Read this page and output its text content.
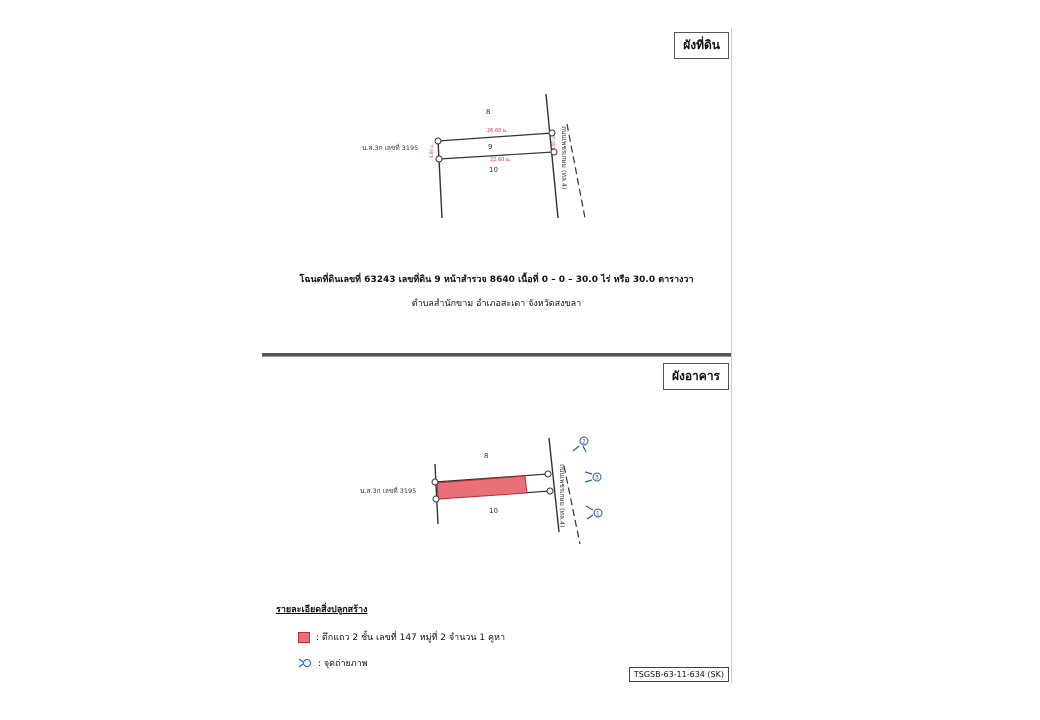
ผังที่ดิน
8
9
10
น.ส.3ก เลขที่ 3195
26.60 ม.
22.60 ม.
4.60 ม.
4.60 ม. ถนนเพชรเกษม (ทล.4)
โฉนดที่ดินเลขที่ 63243 เลขที่ดิน 9 หน้าสำรวจ 8640 เนื้อที่ 0 – 0 – 30.0 ไร่ หรือ 30.0 ตารางวา
ตำบลสำนักขาม อำเภอสะเดา จังหวัดสงขลา
ผังอาคาร
8
10
น.ส.3ก เลขที่ 3195	ถนนเพชรเกษม (ทล.4)
2
3
1
รายละเอียดสิ่งปลูกสร้าง
: ตึกแถว 2 ชั้น เลขที่ 147 หมู่ที่ 2 จำนวน 1 คูหา
: จุดถ่ายภาพ
TSGSB-63-11-634 (SK)
